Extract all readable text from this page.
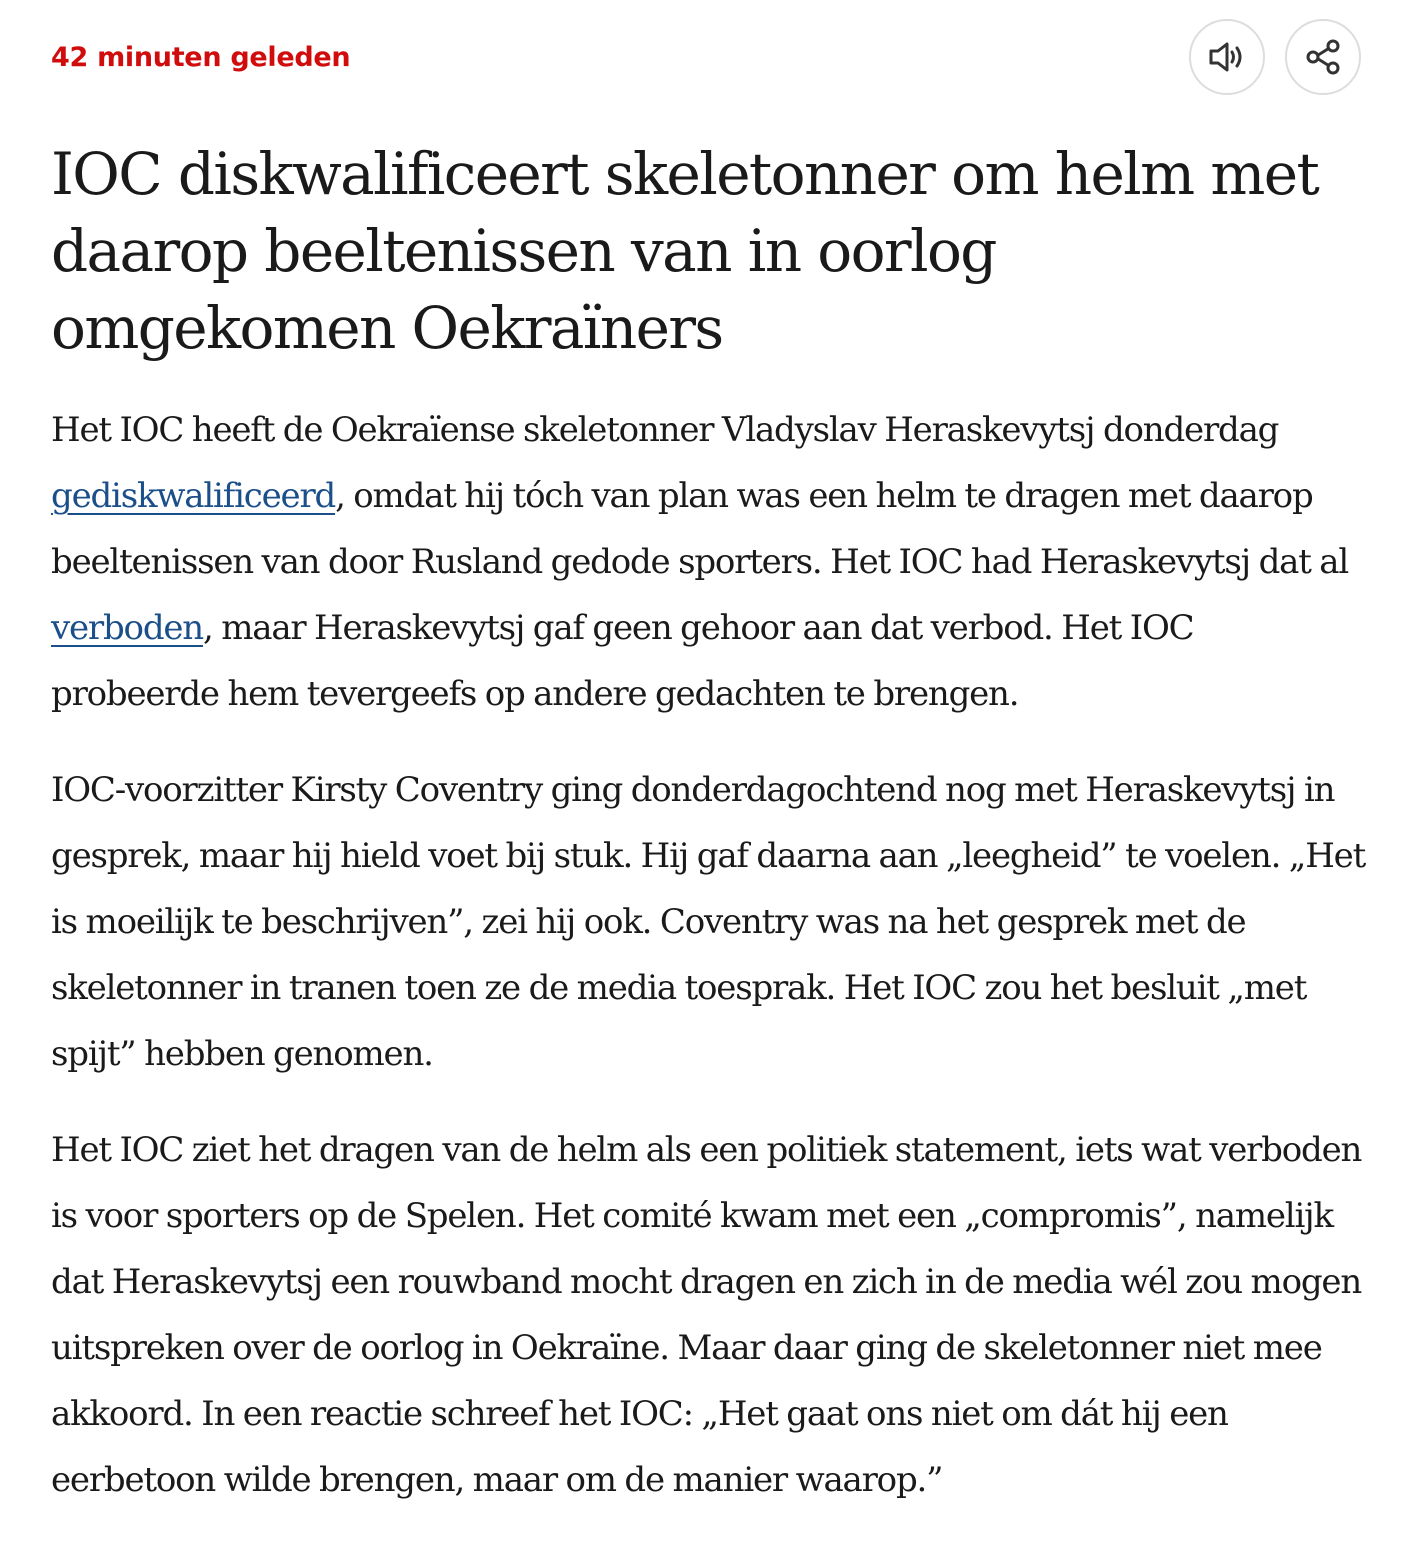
42 minuten geleden
IOC diskwalificeert skeletonner om helm met daarop beeltenissen van in oorlog omgekomen Oekraïners

Het IOC heeft de Oekraïense skeletonner Vladyslav Heraskevytsj donderdag gediskwalificeerd, omdat hij tóch van plan was een helm te dragen met daarop beeltenissen van door Rusland gedode sporters. Het IOC had Heraskevytsj dat al verboden, maar Heraskevytsj gaf geen gehoor aan dat verbod. Het IOC probeerde hem tevergeefs op andere gedachten te brengen.

IOC-voorzitter Kirsty Coventry ging donderdagochtend nog met Heraskevytsj in gesprek, maar hij hield voet bij stuk. Hij gaf daarna aan „leegheid” te voelen. „Het is moeilijk te beschrijven”, zei hij ook. Coventry was na het gesprek met de skeletonner in tranen toen ze de media toesprak. Het IOC zou het besluit „met spijt” hebben genomen.

Het IOC ziet het dragen van de helm als een politiek statement, iets wat verboden is voor sporters op de Spelen. Het comité kwam met een „compromis”, namelijk dat Heraskevytsj een rouwband mocht dragen en zich in de media wél zou mogen uitspreken over de oorlog in Oekraïne. Maar daar ging de skeletonner niet mee akkoord. In een reactie schreef het IOC: „Het gaat ons niet om dát hij een eerbetoon wilde brengen, maar om de manier waarop.”
